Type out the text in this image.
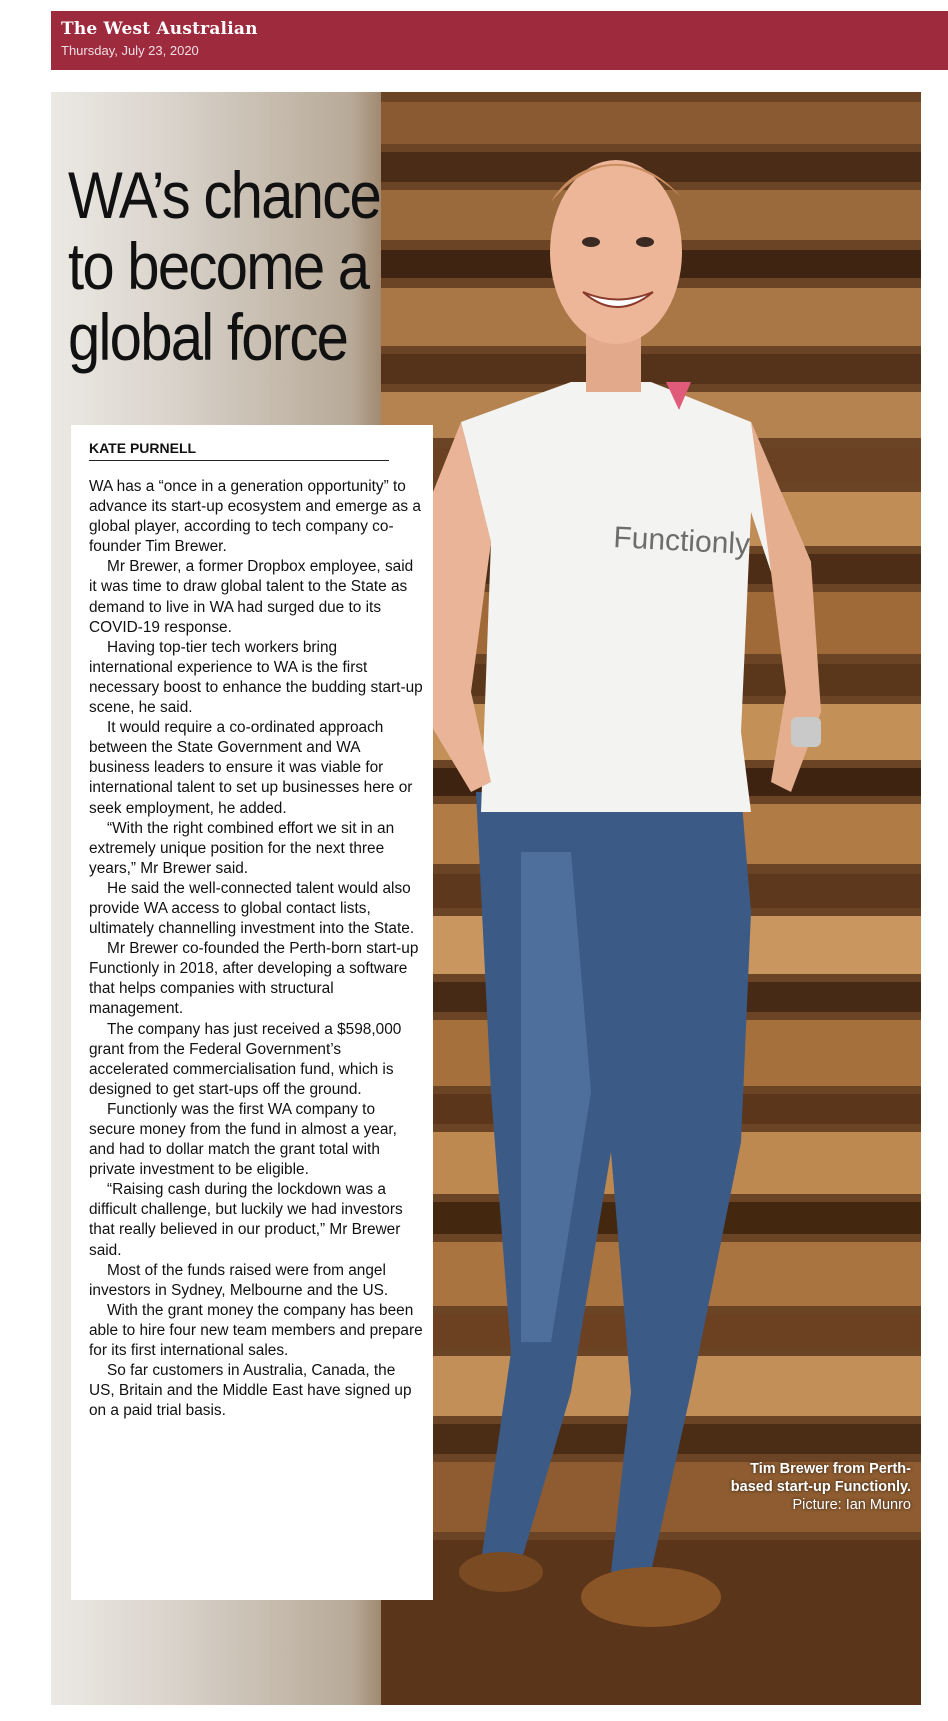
The West Australian
Thursday, July 23, 2020
Functionly
WA’s chance to become a global force
KATE PURNELL

WA has a “once in a generation opportunity” to advance its start-up ecosystem and emerge as a global player, according to tech company co-founder Tim Brewer.

Mr Brewer, a former Dropbox employee, said it was time to draw global talent to the State as demand to live in WA had surged due to its COVID-19 response.

Having top-tier tech workers bring international experience to WA is the first necessary boost to enhance the budding start-up scene, he said.

It would require a co-ordinated approach between the State Government and WA business leaders to ensure it was viable for international talent to set up businesses here or seek employment, he added.

“With the right combined effort we sit in an extremely unique position for the next three years,” Mr Brewer said.

He said the well-connected talent would also provide WA access to global contact lists, ultimately channelling investment into the State.

Mr Brewer co-founded the Perth-born start-up Functionly in 2018, after developing a software that helps companies with structural management.

The company has just received a $598,000 grant from the Federal Government’s accelerated commercialisation fund, which is designed to get start-ups off the ground.

Functionly was the first WA company to secure money from the fund in almost a year, and had to dollar match the grant total with private investment to be eligible.

“Raising cash during the lockdown was a difficult challenge, but luckily we had investors that really believed in our product,” Mr Brewer said.

Most of the funds raised were from angel investors in Sydney, Melbourne and the US.

With the grant money the company has been able to hire four new team members and prepare for its first international sales.

So far customers in Australia, Canada, the US, Britain and the Middle East have signed up on a paid trial basis.

Tim Brewer from Perth-based start-up Functionly.
Picture: Ian Munro
